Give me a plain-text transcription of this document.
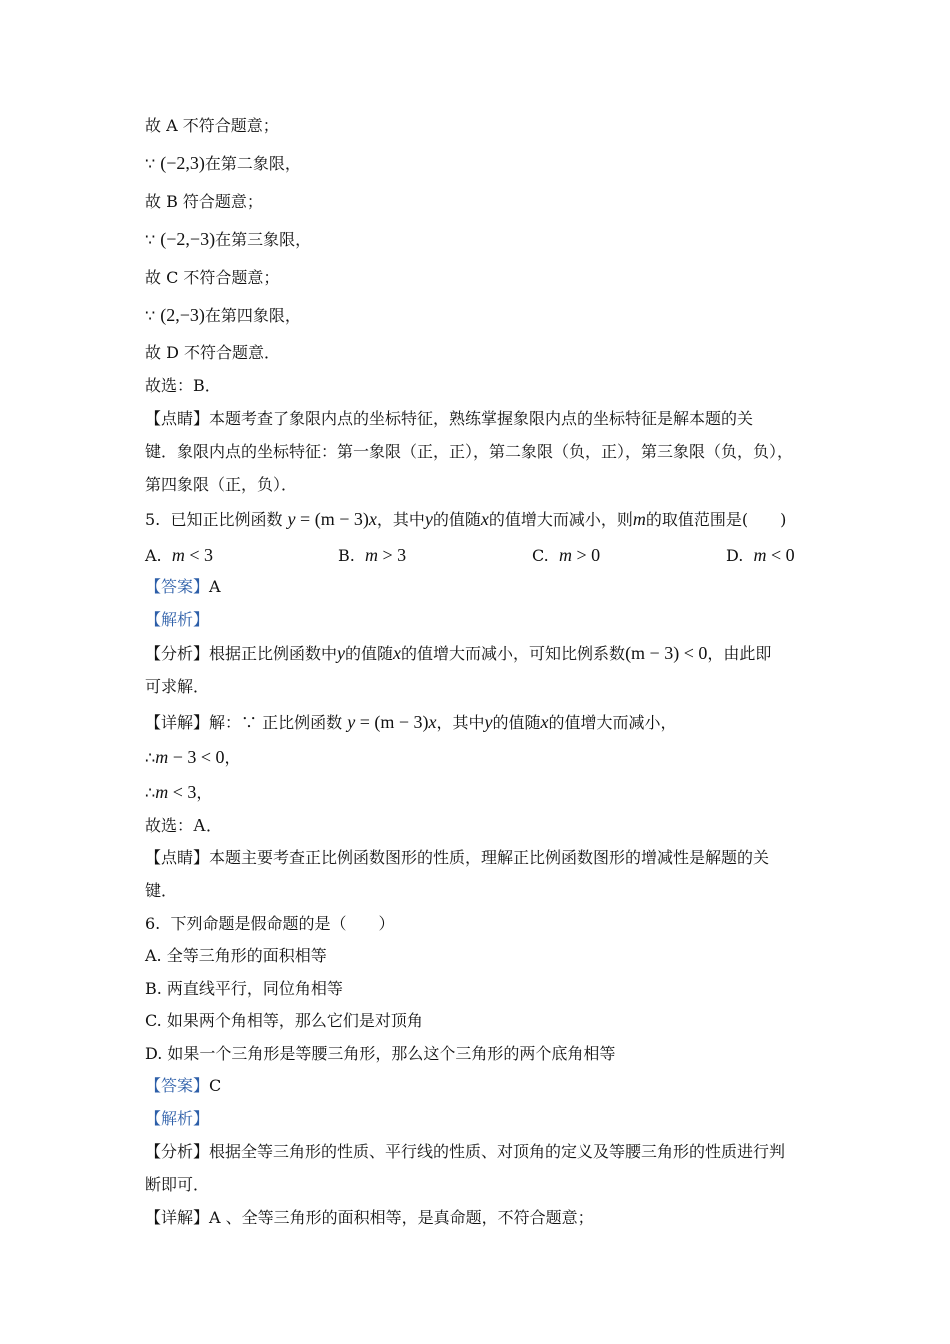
故 A 不符合题意；
∵ (−2,3)在第二象限，
故 B 符合题意；
∵ (−2,−3)在第三象限，
故 C 不符合题意；
∵ (2,−3)在第四象限，
故 D 不符合题意．
故选：B．
【点睛】本题考查了象限内点的坐标特征，熟练掌握象限内点的坐标特征是解本题的关
键．象限内点的坐标特征：第一象限（正，正），第二象限（负，正），第三象限（负，负），
第四象限（正，负）．
5. 已知正比例函数 y = (m − 3)x，其中y的值随x的值增大而减小，则m的取值范围是(　　)
A. m < 3	B. m > 3	C. m > 0	D. m < 0
【答案】A
【解析】
【分析】根据正比例函数中y的值随x的值增大而减小，可知比例系数(m − 3) < 0，由此即
可求解．
【详解】解：∵ 正比例函数 y = (m − 3)x，其中y的值随x的值增大而减小，
∴m − 3 < 0，
∴m < 3，
故选：A．
【点睛】本题主要考查正比例函数图形的性质，理解正比例函数图形的增减性是解题的关
键．
6. 下列命题是假命题的是（　　）
A. 全等三角形的面积相等
B. 两直线平行，同位角相等
C. 如果两个角相等，那么它们是对顶角
D. 如果一个三角形是等腰三角形，那么这个三角形的两个底角相等
【答案】C
【解析】
【分析】根据全等三角形的性质、平行线的性质、对顶角的定义及等腰三角形的性质进行判
断即可．
【详解】A 、全等三角形的面积相等，是真命题，不符合题意；
